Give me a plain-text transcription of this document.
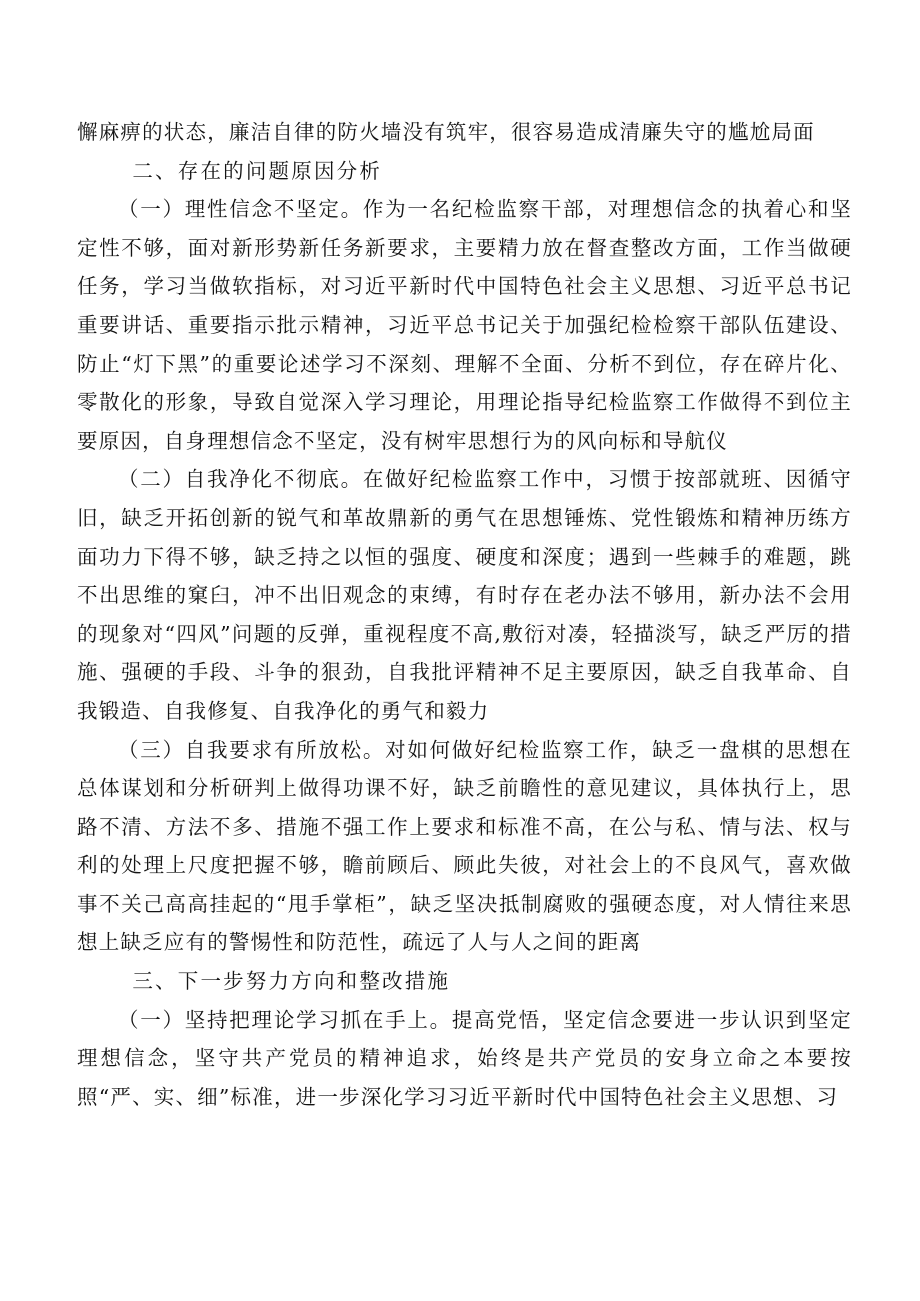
懈麻痹的状态，廉洁自律的防火墙没有筑牢，很容易造成清廉失守的尴尬局面

二、存在的问题原因分析

（一）理性信念不坚定。作为一名纪检监察干部，对理想信念的执着心和坚定性不够，面对新形势新任务新要求，主要精力放在督查整改方面，工作当做硬任务，学习当做软指标，对习近平新时代中国特色社会主义思想、习近平总书记重要讲话、重要指示批示精神，习近平总书记关于加强纪检检察干部队伍建设、防止“灯下黑”的重要论述学习不深刻、理解不全面、分析不到位，存在碎片化、零散化的形象，导致自觉深入学习理论，用理论指导纪检监察工作做得不到位主要原因，自身理想信念不坚定，没有树牢思想行为的风向标和导航仪

（二）自我净化不彻底。在做好纪检监察工作中，习惯于按部就班、因循守旧，缺乏开拓创新的锐气和革故鼎新的勇气在思想锤炼、党性锻炼和精神历练方面功力下得不够，缺乏持之以恒的强度、硬度和深度；遇到一些棘手的难题，跳不出思维的窠臼，冲不出旧观念的束缚，有时存在老办法不够用，新办法不会用的现象对“四风”问题的反弹，重视程度不高,敷衍对凑，轻描淡写，缺乏严厉的措施、强硬的手段、斗争的狠劲，自我批评精神不足主要原因，缺乏自我革命、自我锻造、自我修复、自我净化的勇气和毅力

（三）自我要求有所放松。对如何做好纪检监察工作，缺乏一盘棋的思想在总体谋划和分析研判上做得功课不好，缺乏前瞻性的意见建议，具体执行上，思路不清、方法不多、措施不强工作上要求和标准不高，在公与私、情与法、权与利的处理上尺度把握不够，瞻前顾后、顾此失彼，对社会上的不良风气，喜欢做事不关己高高挂起的“甩手掌柜”，缺乏坚决抵制腐败的强硬态度，对人情往来思想上缺乏应有的警惕性和防范性，疏远了人与人之间的距离

三、下一步努力方向和整改措施

（一）坚持把理论学习抓在手上。提高党悟，坚定信念要进一步认识到坚定理想信念，坚守共产党员的精神追求，始终是共产党员的安身立命之本要按照“严、实、细”标准，进一步深化学习习近平新时代中国特色社会主义思想、习
